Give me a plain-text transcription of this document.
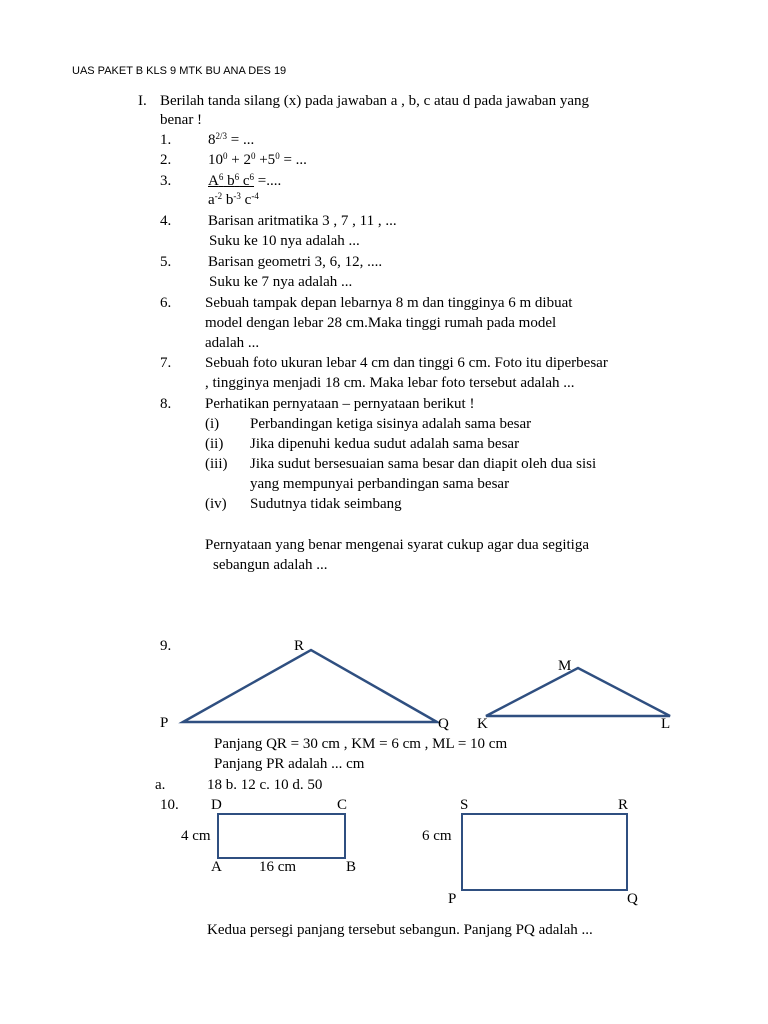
UAS PAKET B KLS 9 MTK BU ANA DES 19
I. Berilah tanda silang (x) pada jawaban a , b, c atau d pada jawaban yang
benar !
1. $8^{2/3}$ = ...
2. $10^0 + 2^0 +5^0$ = ...
3. $A^6$ $b^6$ $c^6$ =....
$a^{-2}$ $b^{-3}$ $c^{-4}$
4. Barisan aritmatika 3 , 7 , 11 , ...
Suku ke 10 nya adalah ...
5. Barisan geometri 3, 6, 12, ....
Suku ke 7 nya adalah ...
6. Sebuah tampak depan lebarnya 8 m dan tingginya 6 m dibuat
model dengan lebar 28 cm.Maka tinggi rumah pada model
adalah ...
7. Sebuah foto ukuran lebar 4 cm dan tinggi 6 cm. Foto itu diperbesar
, tingginya menjadi 18 cm. Maka lebar foto tersebut adalah ...
8. Perhatikan pernyataan – pernyataan berikut !
(i) Perbandingan ketiga sisinya adalah sama besar
(ii) Jika dipenuhi kedua sudut adalah sama besar
(iii) Jika sudut bersesuaian sama besar dan diapit oleh dua sisi
yang mempunyai perbandingan sama besar
(iv) Sudutnya tidak seimbang
Pernyataan yang benar mengenai syarat cukup agar dua segitiga
sebangun adalah ...
9.
P	Q
R
K	L
M
Panjang QR = 30 cm , KM = 6 cm , ML = 10 cm
Panjang PR adalah ... cm
a.	18 b. 12 c. 10 d. 50
10. D	C	S	R
4 cm	6 cm
A 16 cm	B
P	Q
Kedua persegi panjang tersebut sebangun. Panjang PQ adalah ...
